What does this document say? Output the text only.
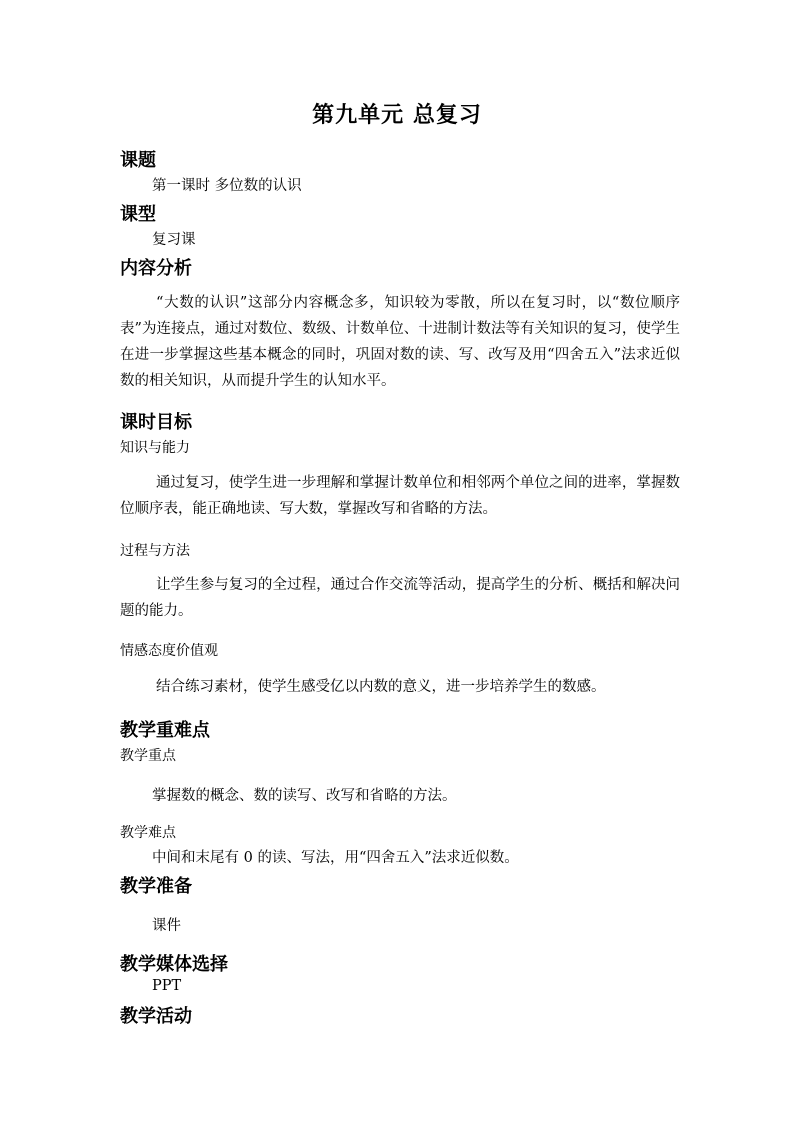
第九单元 总复习
课题
第一课时 多位数的认识
课型
复习课
内容分析
“大数的认识”这部分内容概念多，知识较为零散，所以在复习时，以“数位顺序表”为连接点，通过对数位、数级、计数单位、十进制计数法等有关知识的复习，使学生在进一步掌握这些基本概念的同时，巩固对数的读、写、改写及用“四舍五入”法求近似数的相关知识，从而提升学生的认知水平。
课时目标
知识与能力
通过复习，使学生进一步理解和掌握计数单位和相邻两个单位之间的进率，掌握数位顺序表，能正确地读、写大数，掌握改写和省略的方法。
过程与方法
让学生参与复习的全过程，通过合作交流等活动，提高学生的分析、概括和解决问题的能力。
情感态度价值观
结合练习素材，使学生感受亿以内数的意义，进一步培养学生的数感。
教学重难点
教学重点
掌握数的概念、数的读写、改写和省略的方法。
教学难点
中间和末尾有 0 的读、写法，用“四舍五入”法求近似数。
教学准备
课件
教学媒体选择
PPT
教学活动
